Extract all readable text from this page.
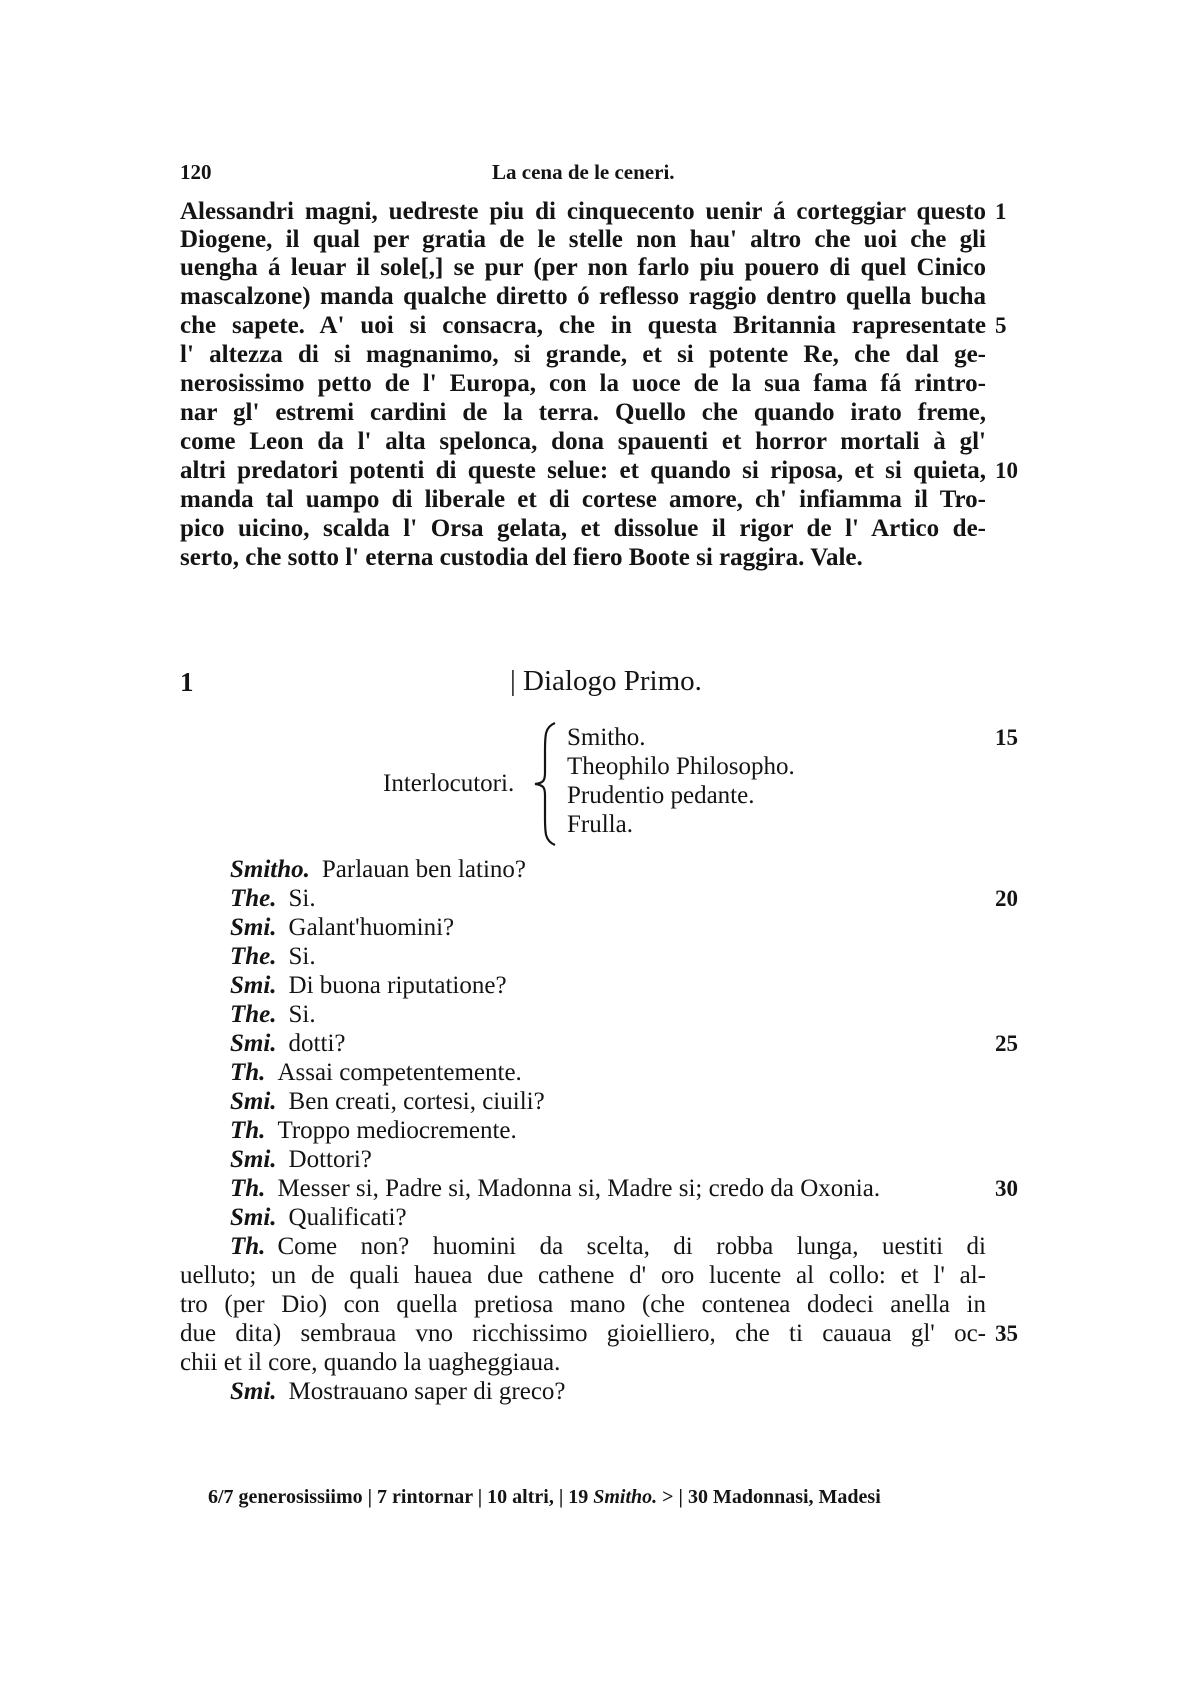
120	La cena de le ceneri.
Alessandri magni, uedreste piu di cinquecento uenir á corteggiar questo
Diogene, il qual per gratia de le stelle non hau' altro che uoi che gli
uengha á leuar il sole[,] se pur (per non farlo piu pouero di quel Cinico
mascalzone) manda qualche diretto ó reflesso raggio dentro quella bucha
che sapete. A' uoi si consacra, che in questa Britannia rapresentate
l' altezza di si magnanimo, si grande, et si potente Re, che dal ge-
nerosissimo petto de l' Europa, con la uoce de la sua fama fá rintro-
nar gl' estremi cardini de la terra. Quello che quando irato freme,
come Leon da l' alta spelonca, dona spauenti et horror mortali à gl'
altri predatori potenti di queste selue: et quando si riposa, et si quieta,
manda tal uampo di liberale et di cortese amore, ch' infiamma il Tro-
pico uicino, scalda l' Orsa gelata, et dissolue il rigor de l' Artico de-
serto, che sotto l' eterna custodia del fiero Boote si raggira. Vale.
1
5
10
1	| Dialogo Primo.
Interlocutori.
Smitho.
Theophilo Philosopho.
Prudentio pedante.
Frulla.
15
Smitho. Parlauan ben latino?
The. Si.
Smi. Galant'huomini?
The. Si.
Smi. Di buona riputatione?
The. Si.
Smi. dotti?
Th. Assai competentemente.
Smi. Ben creati, cortesi, ciuili?
Th. Troppo mediocremente.
Smi. Dottori?
Th. Messer si, Padre si, Madonna si, Madre si; credo da Oxonia.
Smi. Qualificati?
Th. Come non? huomini da scelta, di robba lunga, uestiti di
uelluto; un de quali hauea due cathene d' oro lucente al collo: et l' al-
tro (per Dio) con quella pretiosa mano (che contenea dodeci anella in
due dita) sembraua vno ricchissimo gioielliero, che ti cauaua gl' oc-
chii et il core, quando la uagheggiaua.
Smi. Mostrauano saper di greco?
20
25
30
35
6/7 generosissiimo | 7 rintornar | 10 altri, | 19 Smitho. > | 30 Madonnasi, Madesi
